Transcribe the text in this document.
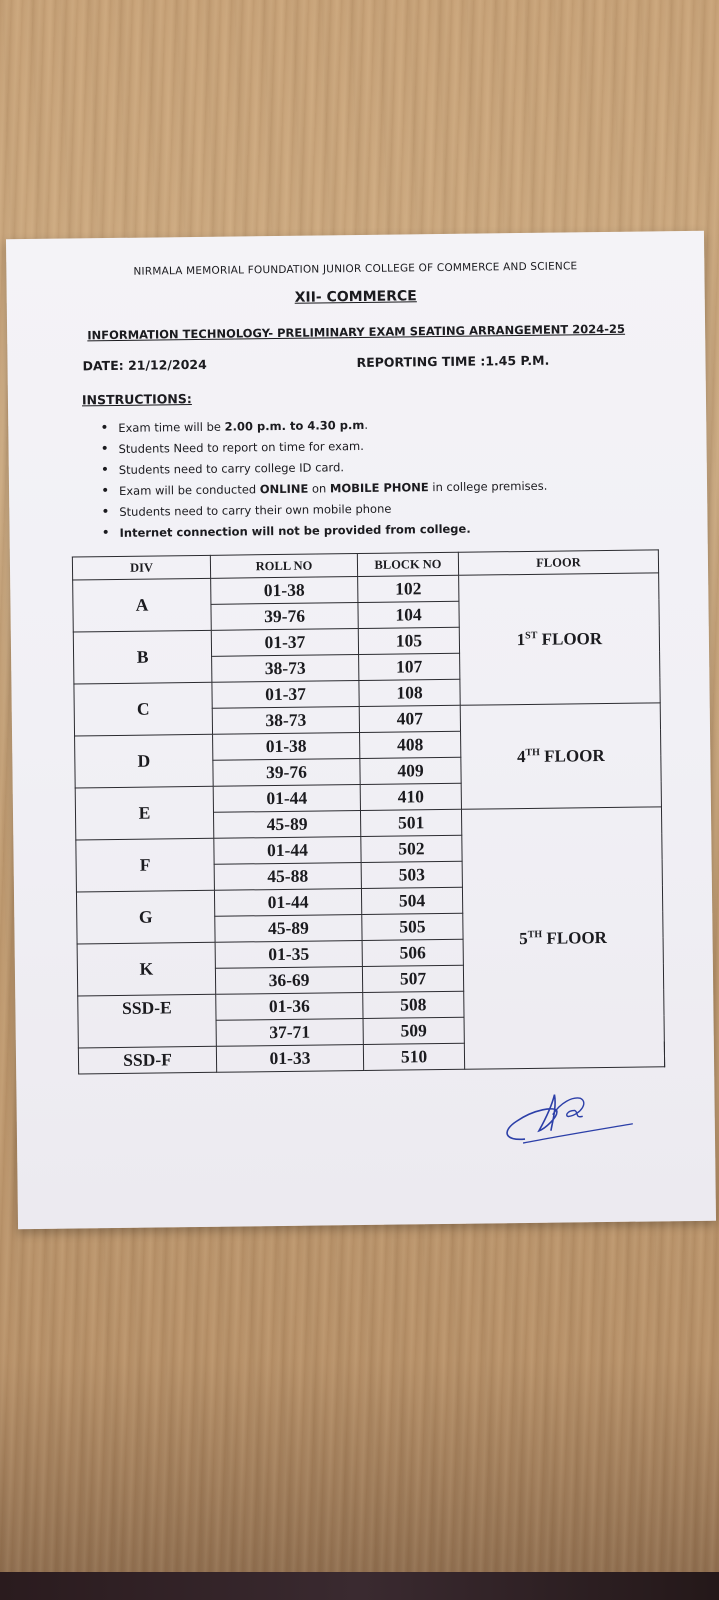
NIRMALA MEMORIAL FOUNDATION JUNIOR COLLEGE OF COMMERCE AND SCIENCE
XII- COMMERCE
INFORMATION TECHNOLOGY- PRELIMINARY EXAM SEATING ARRANGEMENT 2024-25
DATE: 21/12/2024	REPORTING TIME :1.45 P.M.
INSTRUCTIONS:
• Exam time will be 2.00 p.m. to 4.30 p.m.
• Students Need to report on time for exam.
• Students need to carry college ID card.
• Exam will be conducted ONLINE on MOBILE PHONE in college premises.
• Students need to carry their own mobile phone
• Internet connection will not be provided from college.
DIV	ROLL NO	BLOCK NO	FLOOR	
A	01-38	102	1ST FLOOR	
	39-76	104		
B	01-37	105		
	38-73	107		
C	01-37	108		
	38-73	407	4TH FLOOR	
D	01-38	408		
	39-76	409		
E	01-44	410		
	45-89	501	5TH FLOOR	
F	01-44	502		
	45-88	503		
G	01-44	504		
	45-89	505		
K	01-35	506		
	36-69	507		
SSD-E	01-36	508		
	37-71	509		
SSD-F	01-33	510		
